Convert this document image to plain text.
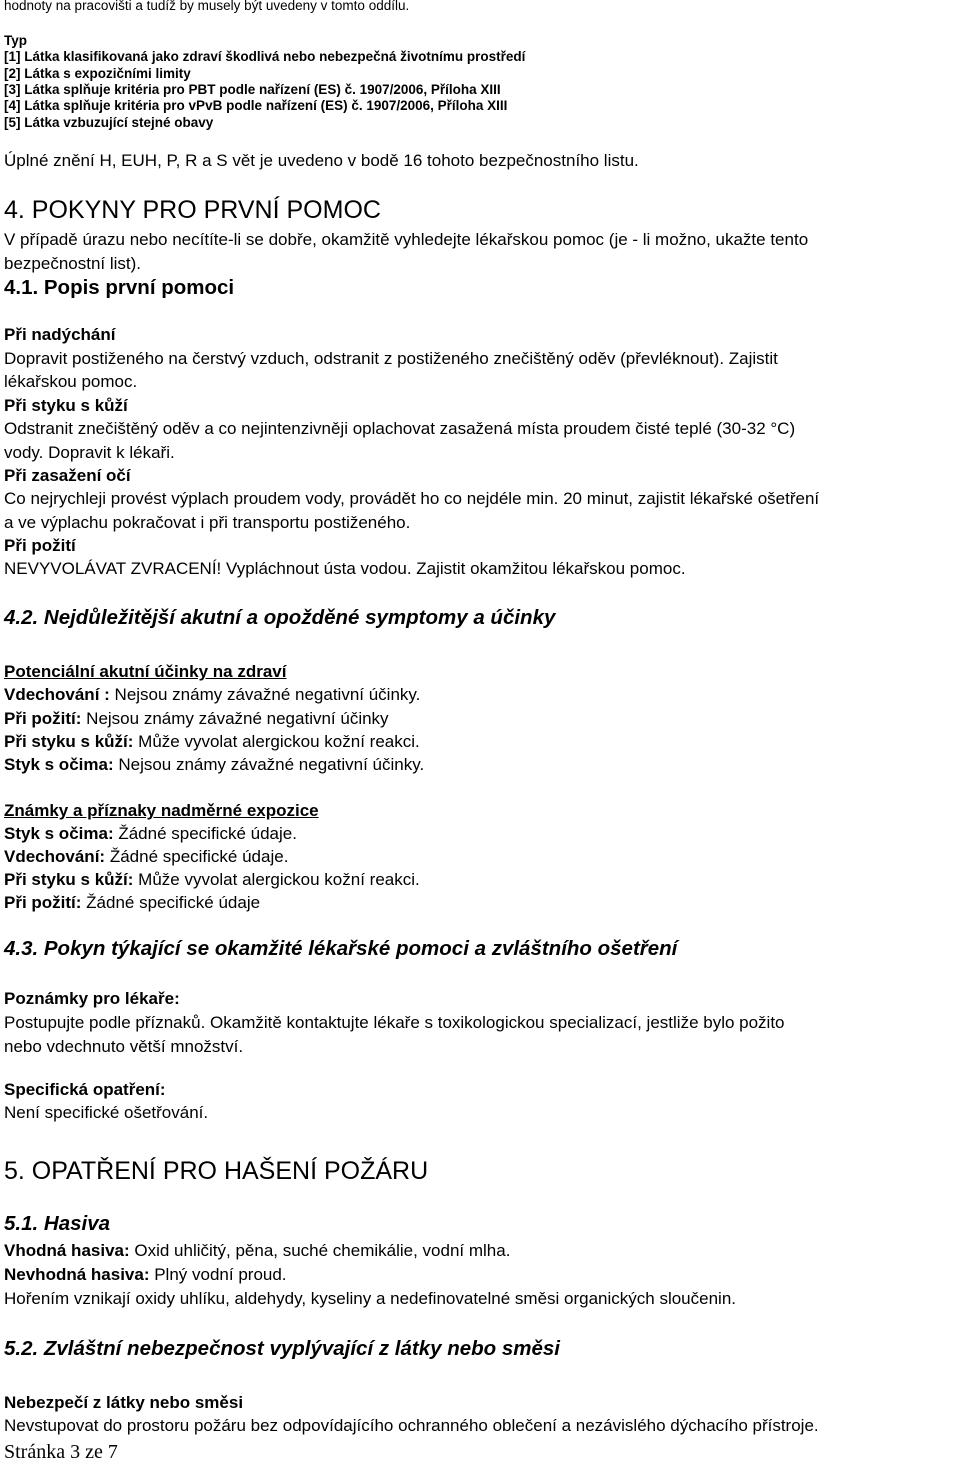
hodnoty na pracovišti a tudíž by musely být uvedeny v tomto oddílu.
Typ
[1] Látka klasifikovaná jako zdraví škodlivá nebo nebezpečná životnímu prostředí
[2] Látka s expozičními limity
[3] Látka splňuje kritéria pro PBT podle nařízení (ES) č. 1907/2006, Příloha XIII
[4] Látka splňuje kritéria pro vPvB podle nařízení (ES) č. 1907/2006, Příloha XIII
[5] Látka vzbuzující stejné obavy
Úplné znění H, EUH, P, R a S vět je uvedeno v bodě 16 tohoto bezpečnostního listu.
4. POKYNY PRO PRVNÍ POMOC
V případě úrazu nebo necítíte-li se dobře, okamžitě vyhledejte lékařskou pomoc (je - li možno, ukažte tento
bezpečnostní list).
4.1. Popis první pomoci
Při nadýchání
Dopravit postiženého na čerstvý vzduch, odstranit z postiženého znečištěný oděv (převléknout). Zajistit
lékařskou pomoc.
Při styku s kůží
Odstranit znečištěný oděv a co nejintenzivněji oplachovat zasažená místa proudem čisté teplé (30-32 °C)
vody. Dopravit k lékaři.
Při zasažení očí
Co nejrychleji provést výplach proudem vody, provádět ho co nejdéle min. 20 minut, zajistit lékařské ošetření
a ve výplachu pokračovat i při transportu postiženého.
Při požití
NEVYVOLÁVAT ZVRACENÍ! Vypláchnout ústa vodou. Zajistit okamžitou lékařskou pomoc.
4.2. Nejdůležitější akutní a opožděné symptomy a účinky
Potenciální akutní účinky na zdraví
Vdechování : Nejsou známy závažné negativní účinky.
Při požití: Nejsou známy závažné negativní účinky
Při styku s kůží: Může vyvolat alergickou kožní reakci.
Styk s očima: Nejsou známy závažné negativní účinky.
Známky a příznaky nadměrné expozice
Styk s očima: Žádné specifické údaje.
Vdechování: Žádné specifické údaje.
Při styku s kůží: Může vyvolat alergickou kožní reakci.
Při požití: Žádné specifické údaje
4.3. Pokyn týkající se okamžité lékařské pomoci a zvláštního ošetření
Poznámky pro lékaře:
Postupujte podle příznaků. Okamžitě kontaktujte lékaře s toxikologickou specializací, jestliže bylo požito
nebo vdechnuto větší množství.
Specifická opatření:
Není specifické ošetřování.
5. OPATŘENÍ PRO HAŠENÍ POŽÁRU
5.1. Hasiva
Vhodná hasiva: Oxid uhličitý, pěna, suché chemikálie, vodní mlha.
Nevhodná hasiva: Plný vodní proud.
Hořením vznikají oxidy uhlíku, aldehydy, kyseliny a nedefinovatelné směsi organických sloučenin.
5.2. Zvláštní nebezpečnost vyplývající z látky nebo směsi
Nebezpečí z látky nebo směsi
Nevstupovat do prostoru požáru bez odpovídajícího ochranného oblečení a nezávislého dýchacího přístroje.
Stránka 3 ze 7
